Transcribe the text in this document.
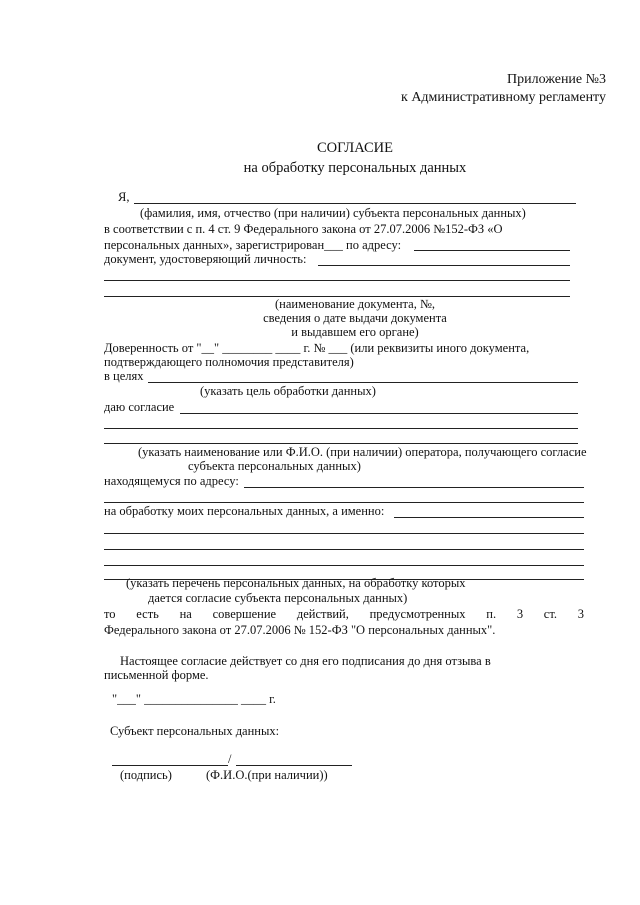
Приложение №3
к Административному регламенту
СОГЛАСИЕ
на обработку персональных данных
Я,
(фамилия, имя, отчество (при наличии) субъекта персональных данных)
в соответствии с п. 4 ст. 9 Федерального закона от 27.07.2006 №152-ФЗ «О
персональных данных», зарегистрирован___ по адресу:
документ, удостоверяющий личность:
(наименование документа, №,
сведения о дате выдачи документа
и выдавшем его органе)
Доверенность от "__" ________ ____ г. № ___ (или реквизиты иного документа,
подтверждающего полномочия представителя)
в целях
(указать цель обработки данных)
даю согласие
(указать наименование или Ф.И.О. (при наличии) оператора, получающего согласие
субъекта персональных данных)
находящемуся по адресу:
на обработку моих персональных данных, а именно:
(указать перечень персональных данных, на обработку которых
дается согласие субъекта персональных данных)
то есть на совершение действий, предусмотренных п. 3 ст. 3
Федерального закона от 27.07.2006 № 152-ФЗ "О персональных данных".
Настоящее согласие действует со дня его подписания до дня отзыва в
письменной форме.
"___" _______________ ____ г.
Субъект персональных данных:
/
(подпись)	(Ф.И.О.(при наличии))
